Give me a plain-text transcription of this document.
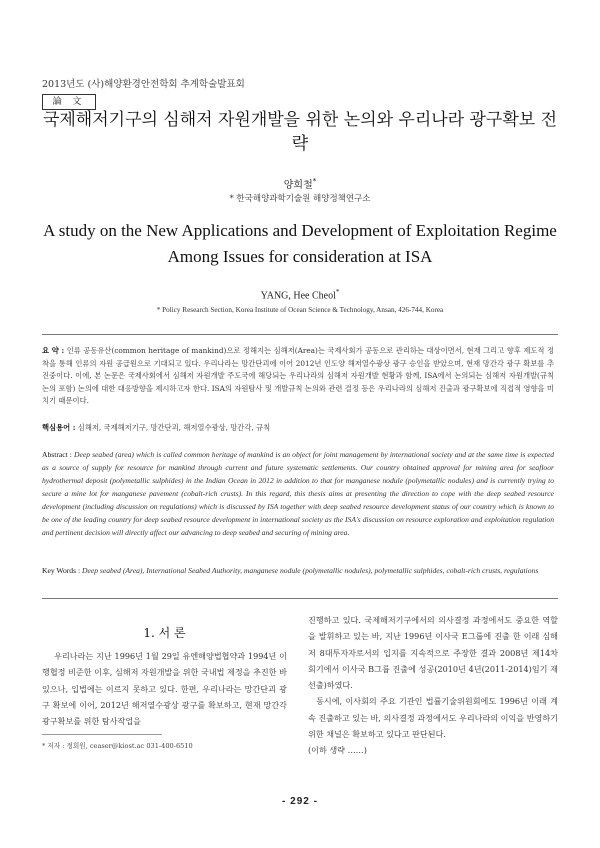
2013년도 (사)해양환경안전학회 추계학술발표회
論 文
국제해저기구의 심해저 자원개발을 위한 논의와 우리나라 광구확보 전략
양희철*
* 한국해양과학기술원 해양정책연구소
A study on the New Applications and Development of Exploitation Regime Among Issues for consideration at ISA
YANG, Hee Cheol*
* Policy Research Section, Korea Institute of Ocean Science & Technology, Ansan, 426-744, Korea
요 약 : 인류 공동유산(common heritage of mankind)으로 정해지는 심해저(Area)는 국제사회가 공동으로 관리하는 대상이면서, 현재 그리고 향후 제도적 정착을 통해 인류의 자원 공급원으로 기대되고 있다. 우리나라는 망간단괴에 이어 2012년 인도양 해저열수광상 광구 승인을 받았으며, 현재 망간각 광구 확보를 추진중이다. 이에, 본 논문은 국제사회에서 심해저 자원개발 주도국에 해당되는 우리나라의 심해저 자원개발 현황과 함께, ISA에서 논의되는 심해저 자원개발(규칙 논의 포함) 논의에 대한 대응방향을 제시하고자 한다. ISA의 자원탐사 및 개발규칙 논의와 관련 결정 등은 우리나라의 심해저 진출과 광구확보에 직접적 영향을 미치기 때문이다.
핵심용어 : 심해저, 국제해저기구, 망간단괴, 해저열수광상, 망간각, 규칙
Abstract : Deep seabed (area) which is called common heritage of mankind is an object for joint management by international society and at the same time is expected as a source of supply for resource for mankind through current and future systematic settlements. Our country obtained approval for mining area for seafloor hydrothermal deposit (polymetallic sulphides) in the Indian Ocean in 2012 in addition to that for manganese nodule (polymetallic nodules) and is currently trying to secure a mine lot for manganese pavement (cobalt-rich crusts). In this regard, this thesis aims at presenting the direction to cope with the deep seabed resource development (including discussion on regulations) which is discussed by ISA together with deep seabed resource development status of our country which is known to be one of the leading country for deep seabed resource development in international society as the ISA's discussion on resource exploration and exploitation regulation and pertinent decision will directly affect our advancing to deep seabed and securing of mining area.
Key Words : Deep seabed (Area), International Seabed Authority, manganese nodule (polymetallic nodules), polymetallic sulphides, cobalt-rich crusts, regulations
1. 서 론
우리나라는 지난 1996년 1월 29일 유엔해양법협약과 1994년 이행협정 비준한 이후, 심해저 자원개발을 위한 국내법 제정을 추진한 바 있으나, 입법에는 이르지 못하고 있다. 한편, 우리나라는 망간단괴 광구 확보에 이어, 2012년 해저열수광상 광구를 확보하고, 현재 망간각 광구확보를 위한 탐사작업을
진행하고 있다. 국제해저기구에서의 의사결정 과정에서도 중요한 역할을 발휘하고 있는 바, 지난 1996년 이사국 E그룹에 진출 한 이래 심해저 8대투자자로서의 입지를 지속적으로 주장한 결과 2008년 제14차 회기에서 이사국 B그룹 진출에 성공(2010년 4년(2011-2014)임기 재선출)하였다.
동시에, 이사회의 주요 기관인 법률기술위원회에도 1996년 이래 계속 진출하고 있는 바, 의사결정 과정에서도 우리나라의 이익을 반영하기 위한 채널은 확보하고 있다고 판단된다.
(이하 생략 ……)
* 저자 : 정회원, ceaser@kiost.ac 031-400-6510
- 292 -
